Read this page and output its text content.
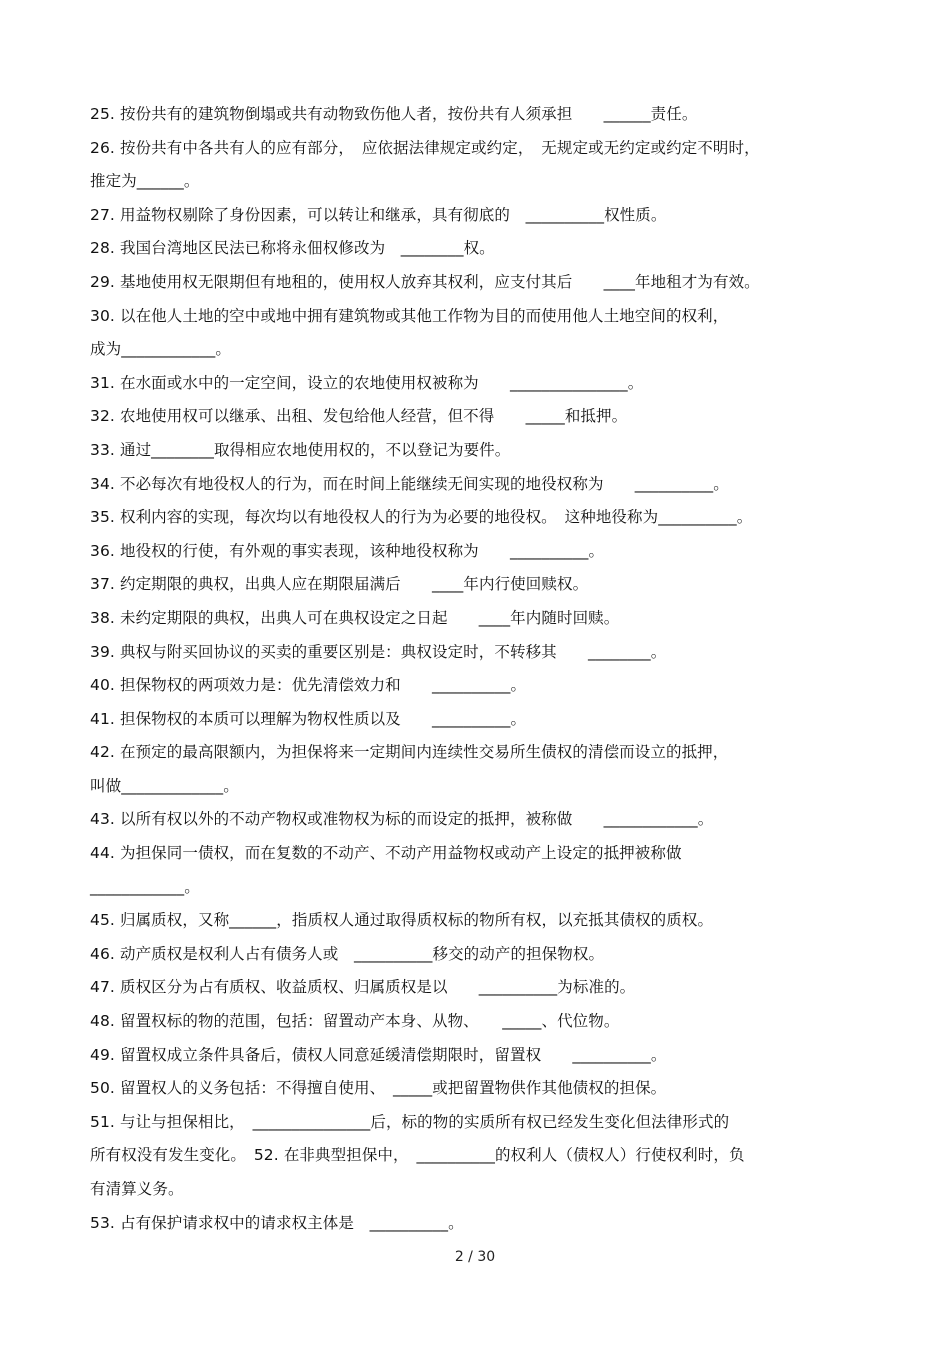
25. 按份共有的建筑物倒塌或共有动物致伤他人者，按份共有人须承担　　______责任。
26. 按份共有中各共有人的应有部分，　应依据法律规定或约定，　无规定或无约定或约定不明时，
推定为______。
27. 用益物权剔除了身份因素，可以转让和继承，具有彻底的　__________权性质。
28. 我国台湾地区民法已称将永佃权修改为　________权。
29. 基地使用权无限期但有地租的，使用权人放弃其权利，应支付其后　　____年地租才为有效。
30. 以在他人土地的空中或地中拥有建筑物或其他工作物为目的而使用他人土地空间的权利，
成为____________。
31. 在水面或水中的一定空间，设立的农地使用权被称为　　_______________。
32. 农地使用权可以继承、出租、发包给他人经营，但不得　　_____和抵押。
33. 通过________取得相应农地使用权的，不以登记为要件。
34. 不必每次有地役权人的行为，而在时间上能继续无间实现的地役权称为　　__________。
35. 权利内容的实现，每次均以有地役权人的行为为必要的地役权。　这种地役称为__________。
36. 地役权的行使，有外观的事实表现，该种地役权称为　　__________。
37. 约定期限的典权，出典人应在期限届满后　　____年内行使回赎权。
38. 未约定期限的典权，出典人可在典权设定之日起　　____年内随时回赎。
39. 典权与附买回协议的买卖的重要区别是：典权设定时，不转移其　　________。
40. 担保物权的两项效力是：优先清偿效力和　　__________。
41. 担保物权的本质可以理解为物权性质以及　　__________。
42. 在预定的最高限额内，为担保将来一定期间内连续性交易所生债权的清偿而设立的抵押，
叫做_____________。
43. 以所有权以外的不动产物权或准物权为标的而设定的抵押，被称做　　____________。
44. 为担保同一债权，而在复数的不动产、不动产用益物权或动产上设定的抵押被称做
____________。
45. 归属质权，又称______，指质权人通过取得质权标的物所有权，以充抵其债权的质权。
46. 动产质权是权利人占有债务人或　__________移交的动产的担保物权。
47. 质权区分为占有质权、收益质权、归属质权是以　　__________为标准的。
48. 留置权标的物的范围，包括：留置动产本身、从物、　　_____、代位物。
49. 留置权成立条件具备后，债权人同意延缓清偿期限时，留置权　　__________。
50. 留置权人的义务包括：不得擅自使用、　_____或把留置物供作其他债权的担保。
51. 与让与担保相比，　_______________后，标的物的实质所有权已经发生变化但法律形式的
所有权没有发生变化。　52. 在非典型担保中，　__________的权利人（债权人）行使权利时，负
有清算义务。
53. 占有保护请求权中的请求权主体是　__________。
2 / 30
